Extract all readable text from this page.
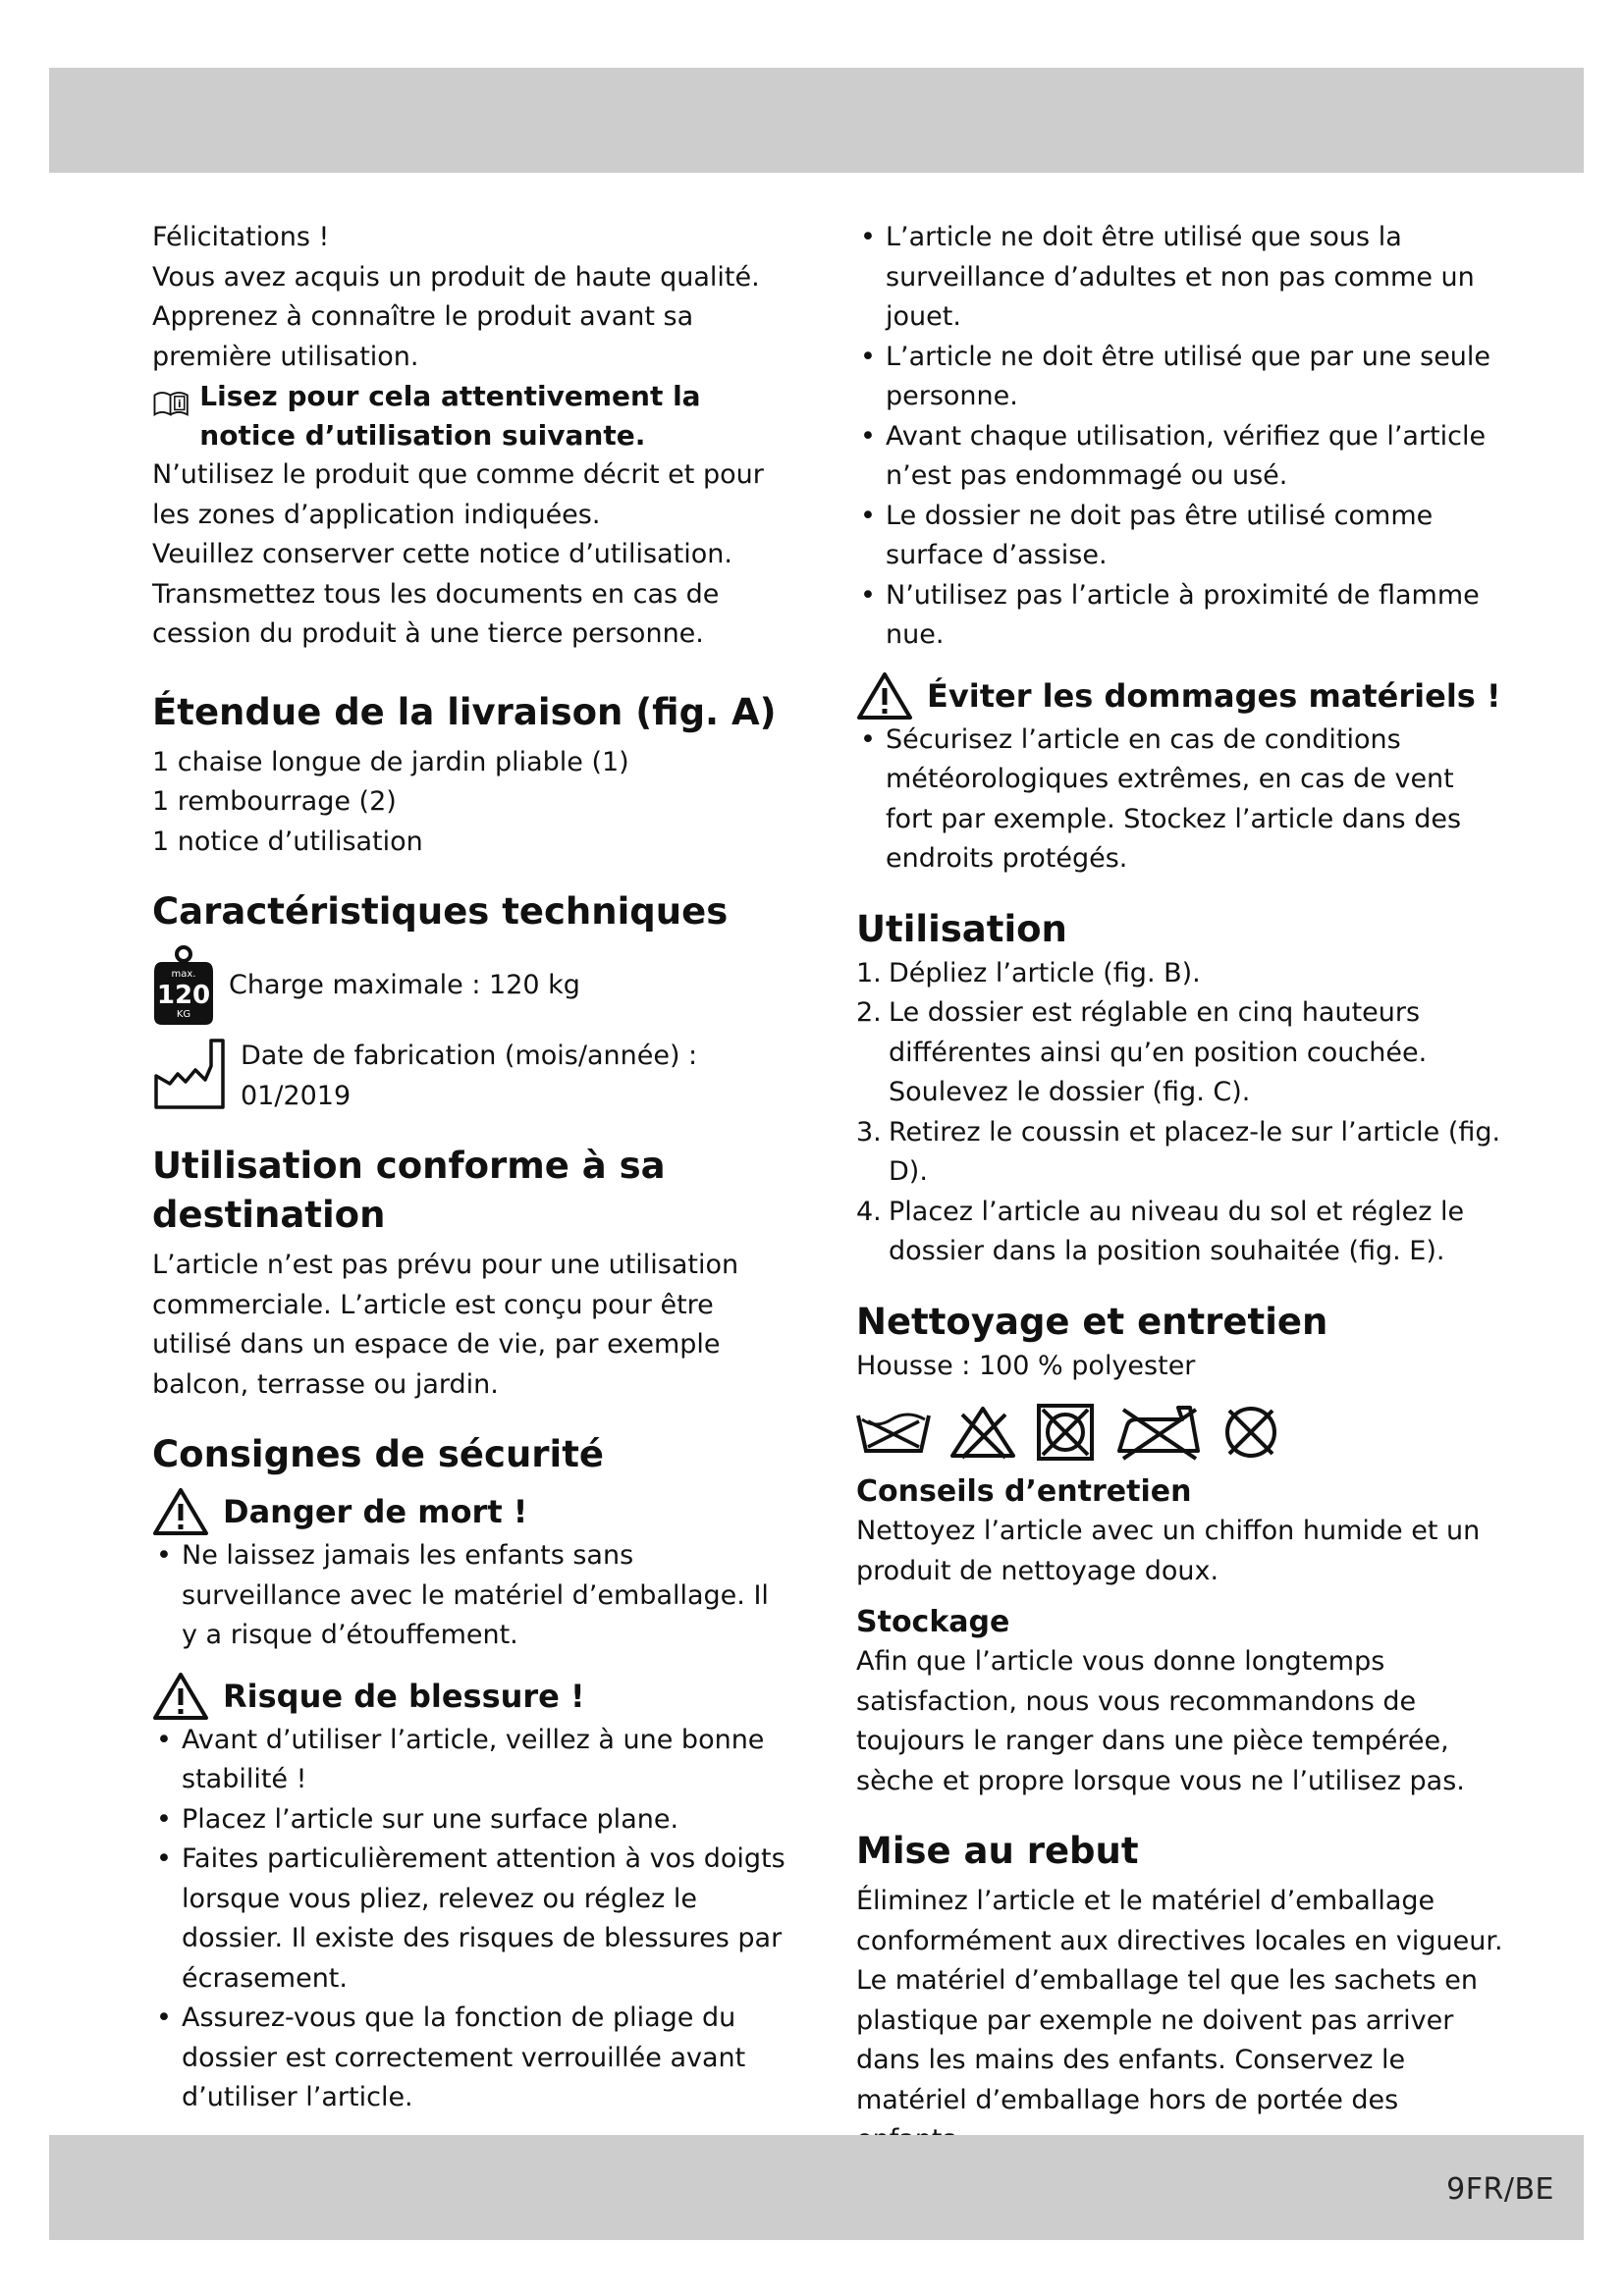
Félicitations !

Vous avez acquis un produit de haute qualité.

Apprenez à connaître le produit avant sa première utilisation.

i Lisez pour cela attentivement la notice d’utilisation suivante.

N’utilisez le produit que comme décrit et pour les zones d’application indiquées.

Veuillez conserver cette notice d’utilisation. Transmettez tous les documents en cas de cession du produit à une tierce personne.

Étendue de la livraison (fig. A)

1 chaise longue de jardin pliable (1)

1 rembourrage (2)

1 notice d’utilisation

Caractéristiques techniques

max.
120
KG
Charge maximale : 120 kg
Date de fabrication (mois/année) : 01/2019

Utilisation conforme à sa destination

L’article n’est pas prévu pour une utilisation commerciale. L’article est conçu pour être utilisé dans un espace de vie, par exemple balcon, terrasse ou jardin.

Consignes de sécurité

Danger de mort !
• Ne laissez jamais les enfants sans surveillance avec le matériel d’emballage. Il y a risque d’étouffement.
Risque de blessure !
• Avant d’utiliser l’article, veillez à une bonne stabilité !
• Placez l’article sur une surface plane.
• Faites particulièrement attention à vos doigts lorsque vous pliez, relevez ou réglez le dossier. Il existe des risques de blessures par écrasement.
• Assurez-vous que la fonction de pliage du dossier est correctement verrouillée avant d’utiliser l’article.
• L’article ne doit être utilisé que sous la surveillance d’adultes et non pas comme un jouet.
• L’article ne doit être utilisé que par une seule personne.
• Avant chaque utilisation, vérifiez que l’article n’est pas endommagé ou usé.
• Le dossier ne doit pas être utilisé comme surface d’assise.
• N’utilisez pas l’article à proximité de flamme nue.
Éviter les dommages matériels !
• Sécurisez l’article en cas de conditions météorologiques extrêmes, en cas de vent fort par exemple. Stockez l’article dans des endroits protégés.

Utilisation

1. Dépliez l’article (fig. B).
2. Le dossier est réglable en cinq hauteurs différentes ainsi qu’en position couchée. Soulevez le dossier (fig. C).
3. Retirez le coussin et placez-le sur l’article (fig. D).
4. Placez l’article au niveau du sol et réglez le dossier dans la position souhaitée (fig. E).

Nettoyage et entretien

Housse : 100 % polyester

Conseils d’entretien

Nettoyez l’article avec un chiffon humide et un produit de nettoyage doux.

Stockage

Afin que l’article vous donne longtemps satisfaction, nous vous recommandons de toujours le ranger dans une pièce tempérée, sèche et propre lorsque vous ne l’utilisez pas.

Mise au rebut

Éliminez l’article et le matériel d’emballage conformément aux directives locales en vigueur. Le matériel d’emballage tel que les sachets en plastique par exemple ne doivent pas arriver dans les mains des enfants. Conservez le matériel d’emballage hors de portée des

9FR/BE
